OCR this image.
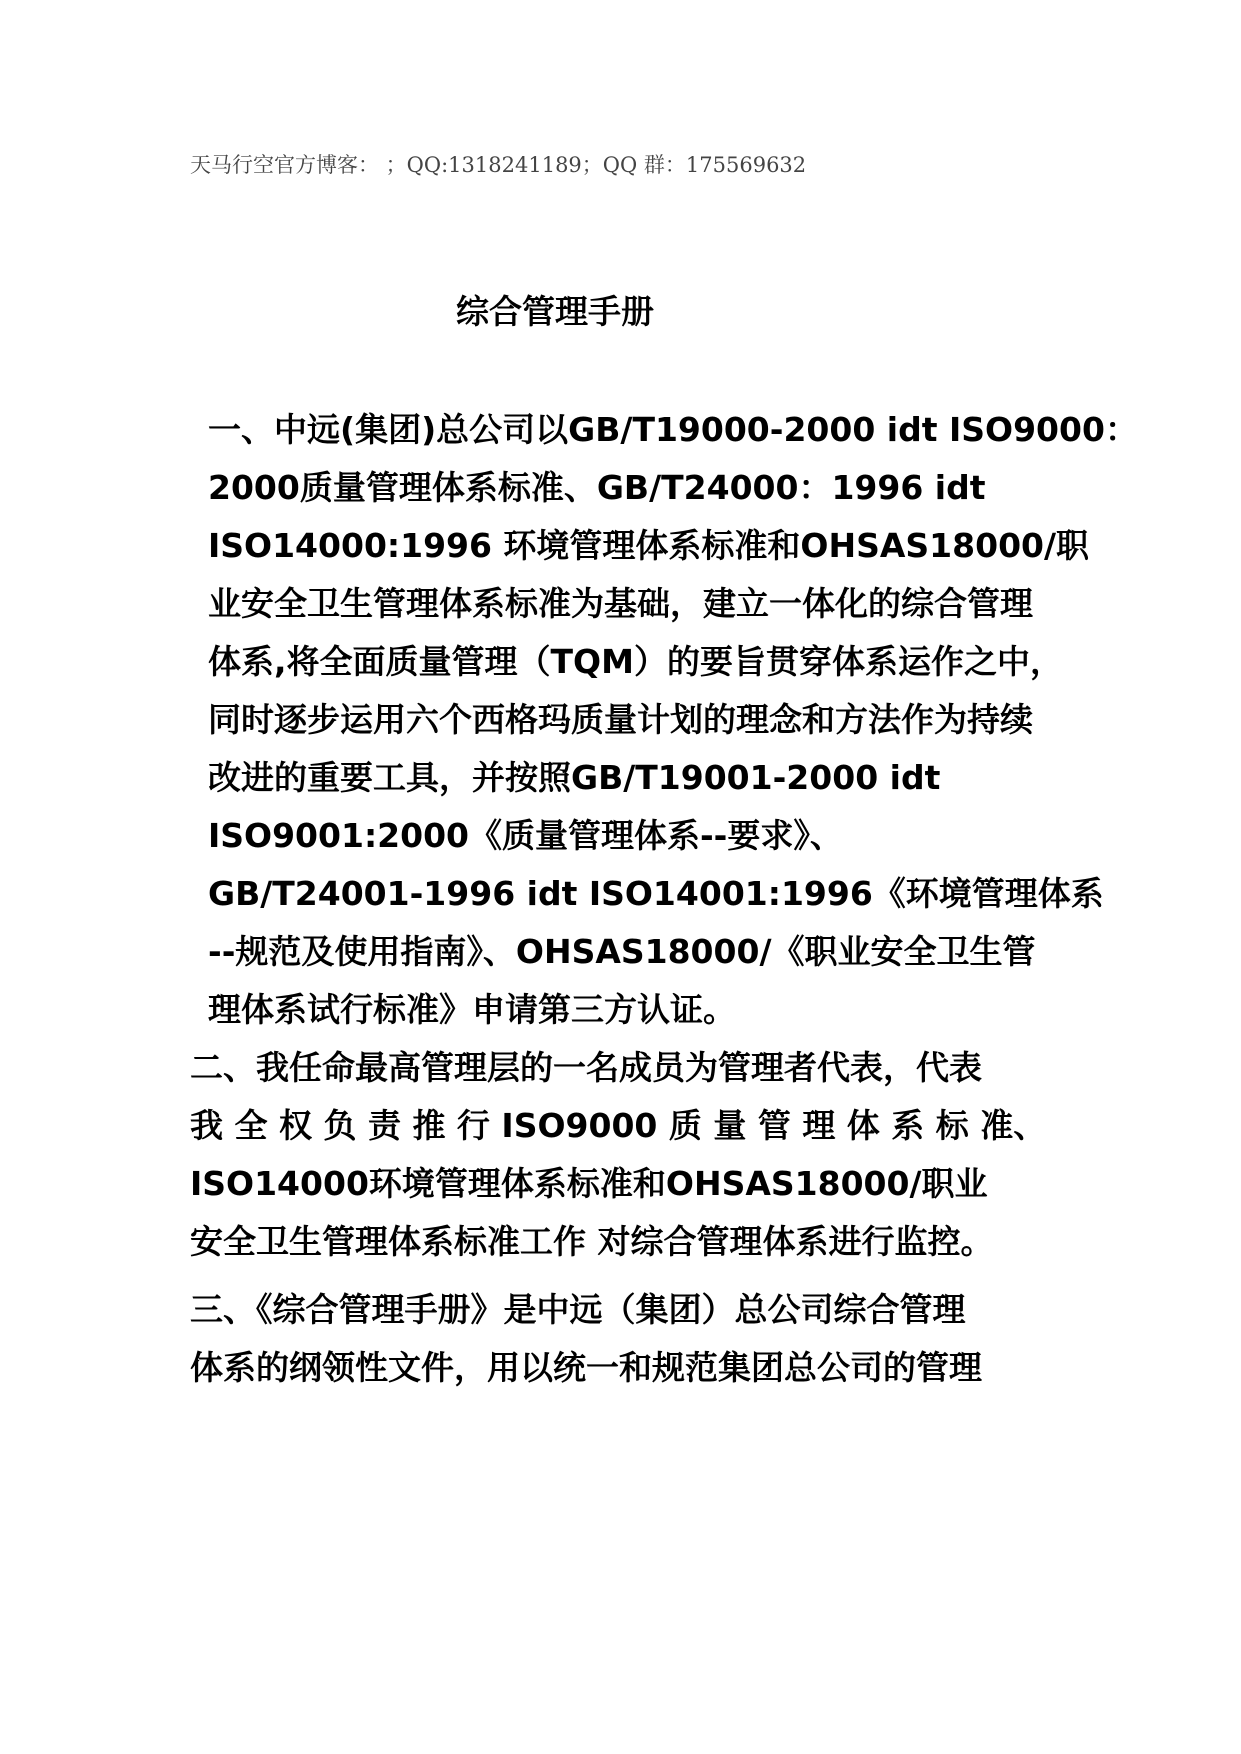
天马行空官方博客： ；QQ:1318241189；QQ 群：175569632
综合管理手册
一、中远(集团)总公司以GB/T19000-2000 idt ISO9000：
2000质量管理体系标准、GB/T24000：1996 idt
ISO14000:1996 环境管理体系标准和OHSAS18000/职
业安全卫生管理体系标准为基础，建立一体化的综合管理
体系,将全面质量管理（TQM）的要旨贯穿体系运作之中，
同时逐步运用六个西格玛质量计划的理念和方法作为持续
改进的重要工具，并按照GB/T19001-2000 idt
ISO9001:2000《质量管理体系--要求》、
GB/T24001-1996 idt ISO14001:1996《环境管理体系
--规范及使用指南》、OHSAS18000/《职业安全卫生管
理体系试行标准》申请第三方认证。
二、我任命最高管理层的一名成员为管理者代表，代表
我 全 权 负 责 推 行 ISO9000 质 量 管 理 体 系 标 准、
ISO14000环境管理体系标准和OHSAS18000/职业
安全卫生管理体系标准工作 对综合管理体系进行监控。
三、《综合管理手册》是中远（集团）总公司综合管理
体系的纲领性文件，用以统一和规范集团总公司的管理
